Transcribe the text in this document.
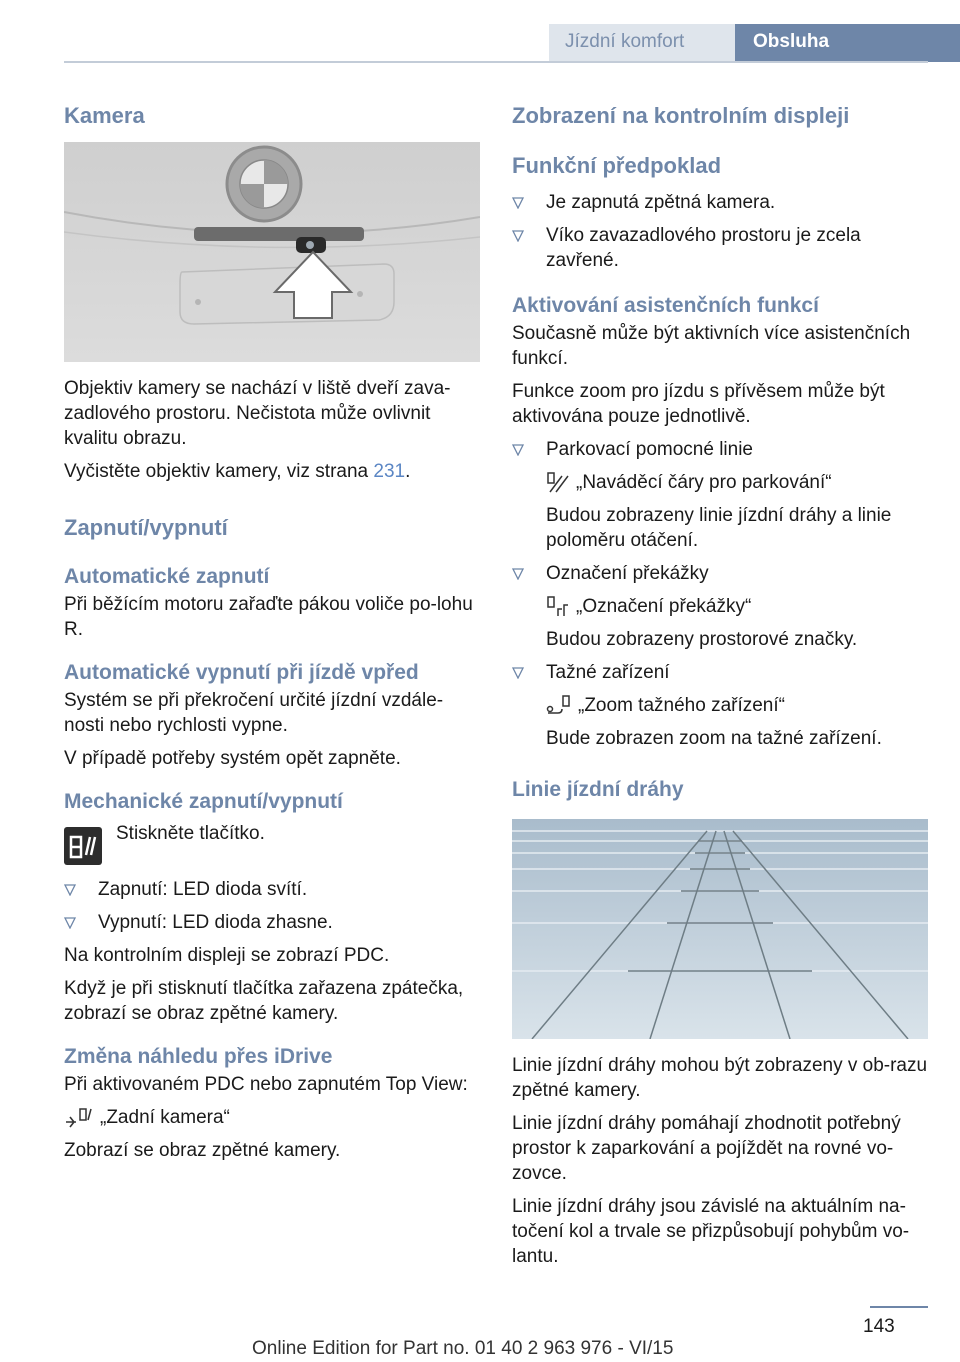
Jízdní komfort	Obsluha
Kamera
Objektiv kamery se nachází v liště dveří zava-zadlového prostoru. Nečistota může ovlivnit kvalitu obrazu.
Vyčistěte objektiv kamery, viz strana 231.
Zapnutí/vypnutí
Automatické zapnutí
Při běžícím motoru zařaďte pákou voliče po-lohu R.
Automatické vypnutí při jízdě vpřed
Systém se při překročení určité jízdní vzdále-nosti nebo rychlosti vypne.
V případě potřeby systém opět zapněte.
Mechanické zapnutí/vypnutí
Stiskněte tlačítko.
Zapnutí: LED dioda svítí.
Vypnutí: LED dioda zhasne.
Na kontrolním displeji se zobrazí PDC.
Když je při stisknutí tlačítka zařazena zpátečka, zobrazí se obraz zpětné kamery.
Změna náhledu přes iDrive
Při aktivovaném PDC nebo zapnutém Top View:
„Zadní kamera“
Zobrazí se obraz zpětné kamery.
Zobrazení na kontrolním displeji
Funkční předpoklad
Je zapnutá zpětná kamera.
Víko zavazadlového prostoru je zcela zavřené.
Aktivování asistenčních funkcí
Současně může být aktivních více asistenčních funkcí.
Funkce zoom pro jízdu s přívěsem může být aktivována pouze jednotlivě.
Parkovací pomocné linie
„Naváděcí čáry pro parkování“
Budou zobrazeny linie jízdní dráhy a linie poloměru otáčení.
Označení překážky
„Označení překážky“
Budou zobrazeny prostorové značky.
Tažné zařízení
„Zoom tažného zařízení“
Bude zobrazen zoom na tažné zařízení.
Linie jízdní dráhy
Linie jízdní dráhy mohou být zobrazeny v ob-razu zpětné kamery.
Linie jízdní dráhy pomáhají zhodnotit potřebný prostor k zaparkování a pojíždět na rovné vo-zovce.
Linie jízdní dráhy jsou závislé na aktuálním na-točení kol a trvale se přizpůsobují pohybům vo-lantu.
143
Online Edition for Part no. 01 40 2 963 976 - VI/15
